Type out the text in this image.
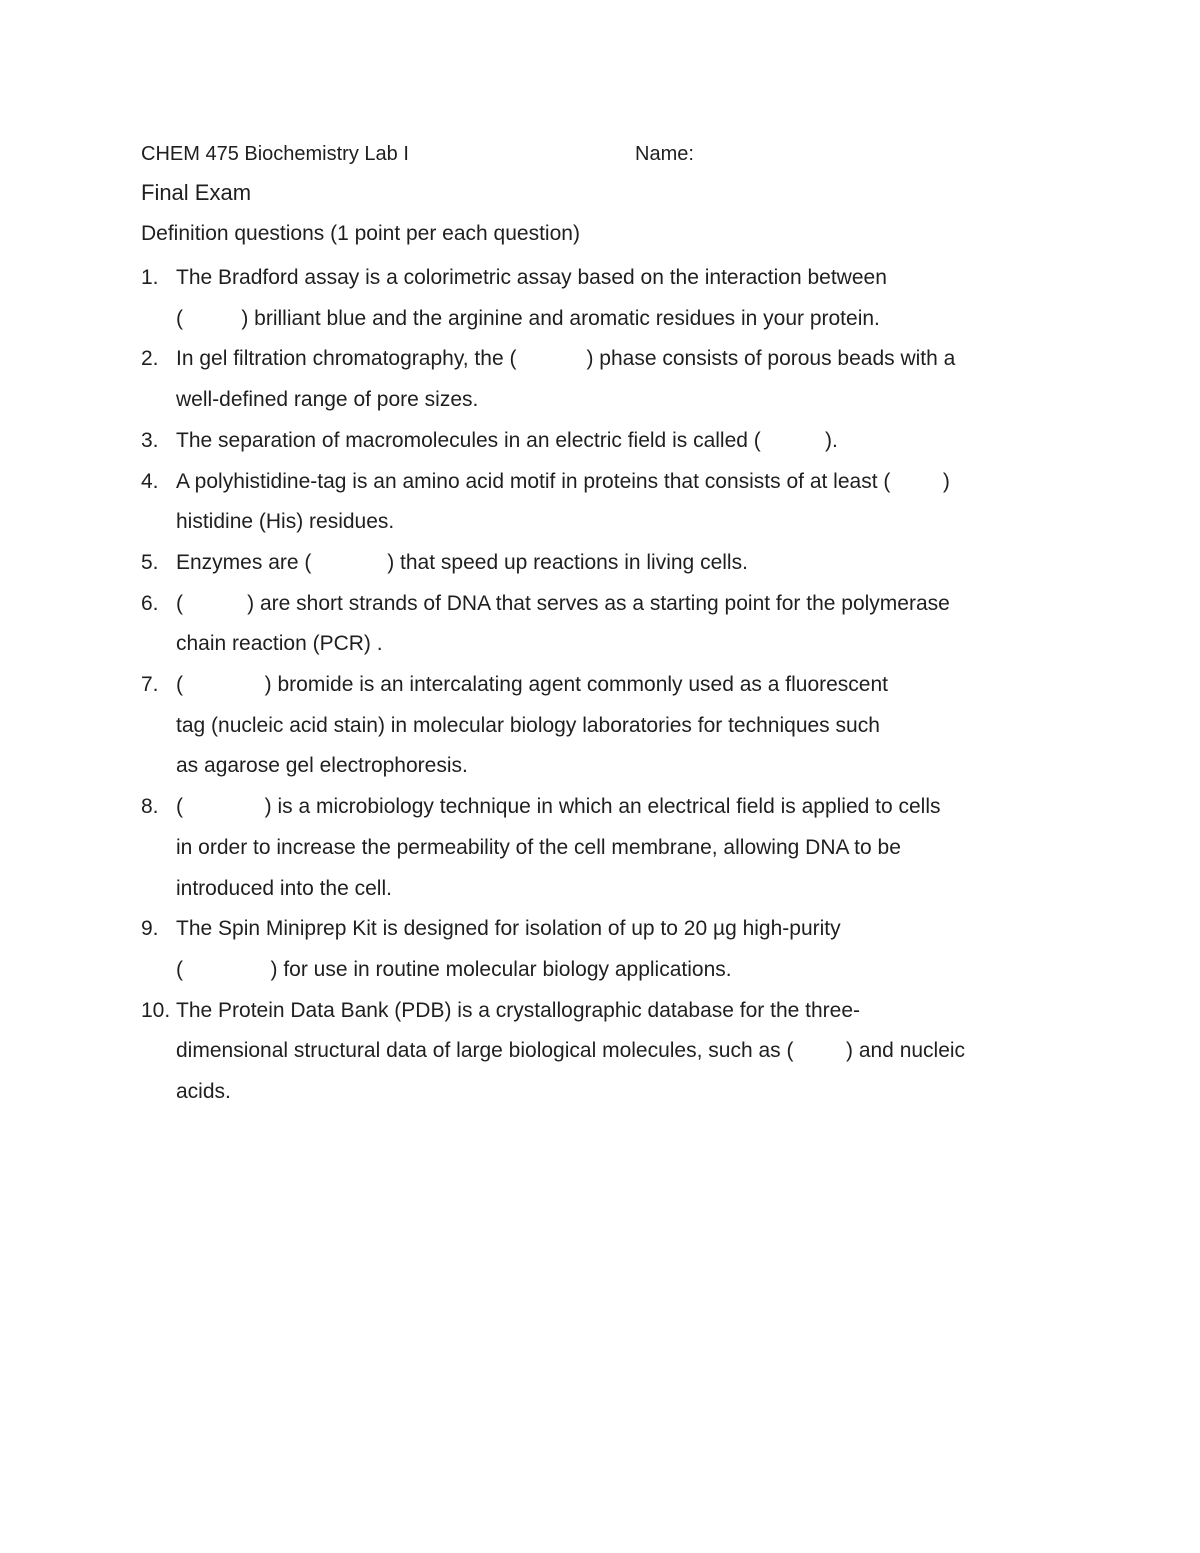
CHEM 475 Biochemistry Lab I	Name:
Final Exam
Definition questions (1 point per each question)
1. The Bradford assay is a colorimetric assay based on the interaction between
(          ) brilliant blue and the arginine and aromatic residues in your protein.
2. In gel filtration chromatography, the (            ) phase consists of porous beads with a
well-defined range of pore sizes.
3. The separation of macromolecules in an electric field is called (           ).
4. A polyhistidine-tag is an amino acid motif in proteins that consists of at least (         )
histidine (His) residues.
5. Enzymes are (             ) that speed up reactions in living cells.
6. (           ) are short strands of DNA that serves as a starting point for the polymerase
chain reaction (PCR) .
7. (              ) bromide is an intercalating agent commonly used as a fluorescent
tag (nucleic acid stain) in molecular biology laboratories for techniques such
as agarose gel electrophoresis.
8. (              ) is a microbiology technique in which an electrical field is applied to cells
in order to increase the permeability of the cell membrane, allowing DNA to be
introduced into the cell.
9. The Spin Miniprep Kit is designed for isolation of up to 20 µg high-purity
(               ) for use in routine molecular biology applications.
10. The Protein Data Bank (PDB) is a crystallographic database for the three-
dimensional structural data of large biological molecules, such as (         ) and nucleic
acids.
